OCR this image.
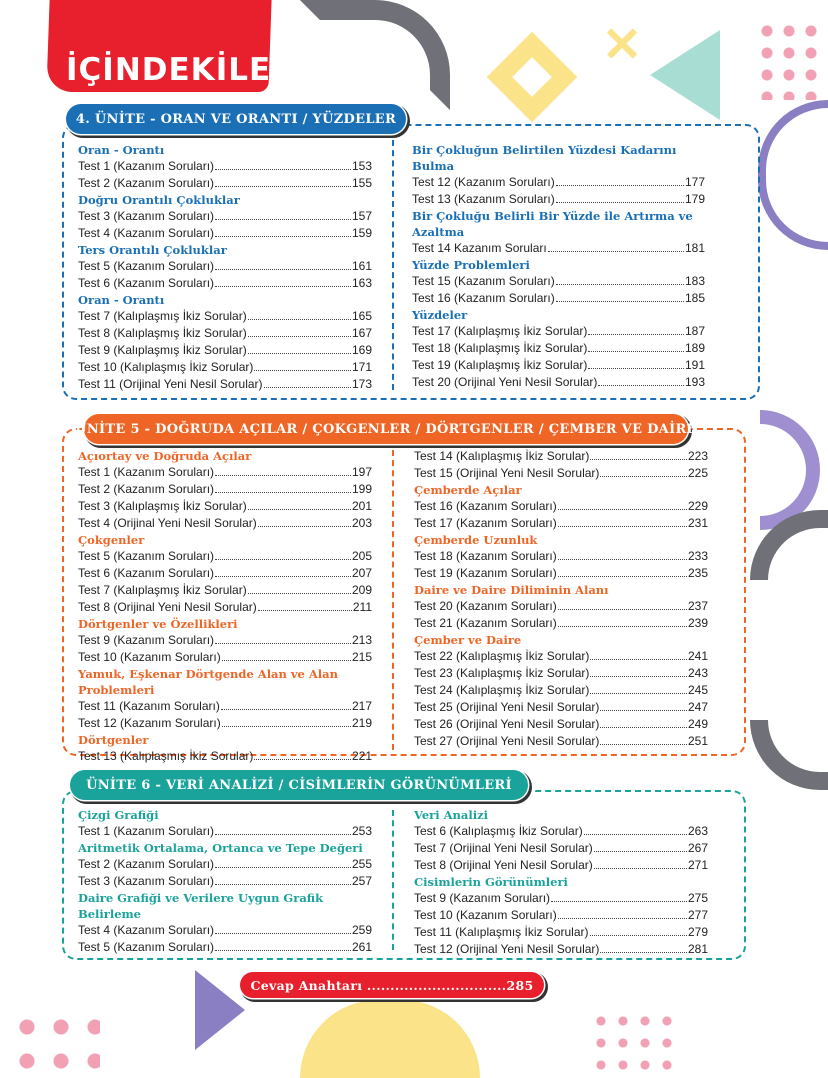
✕
İÇİNDEKİLER
4. ÜNİTE - ORAN VE ORANTI / YÜZDELER
Oran - Orantı
Test 1 (Kazanım Soruları)	153
Test 2 (Kazanım Soruları)	155
Doğru Orantılı Çokluklar
Test 3 (Kazanım Soruları)	157
Test 4 (Kazanım Soruları)	159
Ters Orantılı Çokluklar
Test 5 (Kazanım Soruları)	161
Test 6 (Kazanım Soruları)	163
Oran - Orantı
Test 7 (Kalıplaşmış İkiz Sorular)	165
Test 8 (Kalıplaşmış İkiz Sorular)	167
Test 9 (Kalıplaşmış İkiz Sorular)	169
Test 10 (Kalıplaşmış İkiz Sorular)	171
Test 11 (Orijinal Yeni Nesil Sorular)	173
Bir Çokluğun Belirtilen Yüzdesi Kadarını Bulma
Test 12 (Kazanım Soruları)	177
Test 13 (Kazanım Soruları)	179
Bir Çokluğu Belirli Bir Yüzde ile Artırma ve Azaltma
Test 14 Kazanım Soruları	181
Yüzde Problemleri
Test 15 (Kazanım Soruları)	183
Test 16 (Kazanım Soruları)	185
Yüzdeler
Test 17 (Kalıplaşmış İkiz Sorular)	187
Test 18 (Kalıplaşmış İkiz Sorular)	189
Test 19 (Kalıplaşmış İkiz Sorular)	191
Test 20 (Orijinal Yeni Nesil Sorular)	193
ÜNİTE 5 - DOĞRUDA AÇILAR / ÇOKGENLER / DÖRTGENLER / ÇEMBER VE DAİRE
Açıortay ve Doğruda Açılar
Test 1 (Kazanım Soruları)	197
Test 2 (Kazanım Soruları)	199
Test 3 (Kalıplaşmış İkiz Sorular)	201
Test 4 (Orijinal Yeni Nesil Sorular)	203
Çokgenler
Test 5 (Kazanım Soruları)	205
Test 6 (Kazanım Soruları)	207
Test 7 (Kalıplaşmış İkiz Sorular)	209
Test 8 (Orijinal Yeni Nesil Sorular)	211
Dörtgenler ve Özellikleri
Test 9 (Kazanım Soruları)	213
Test 10 (Kazanım Soruları)	215
Yamuk, Eşkenar Dörtgende Alan ve Alan Problemleri
Test 11 (Kazanım Soruları)	217
Test 12 (Kazanım Soruları)	219
Dörtgenler
Test 13 (Kalıplaşmış İkiz Sorular)	221
Test 14 (Kalıplaşmış İkiz Sorular)	223
Test 15 (Orijinal Yeni Nesil Sorular)	225
Çemberde Açılar
Test 16 (Kazanım Soruları)	229
Test 17 (Kazanım Soruları)	231
Çemberde Uzunluk
Test 18 (Kazanım Soruları)	233
Test 19 (Kazanım Soruları)	235
Daire ve Daire Diliminin Alanı
Test 20 (Kazanım Soruları)	237
Test 21 (Kazanım Soruları)	239
Çember ve Daire
Test 22 (Kalıplaşmış İkiz Sorular)	241
Test 23 (Kalıplaşmış İkiz Sorular)	243
Test 24 (Kalıplaşmış İkiz Sorular)	245
Test 25 (Orijinal Yeni Nesil Sorular)	247
Test 26 (Orijinal Yeni Nesil Sorular)	249
Test 27 (Orijinal Yeni Nesil Sorular)	251
ÜNİTE 6 - VERİ ANALİZİ / CİSİMLERİN GÖRÜNÜMLERİ
Çizgi Grafiği
Test 1 (Kazanım Soruları)	253
Aritmetik Ortalama, Ortanca ve Tepe Değeri
Test 2 (Kazanım Soruları)	255
Test 3 (Kazanım Soruları)	257
Daire Grafiği ve Verilere Uygun Grafik Belirleme
Test 4 (Kazanım Soruları)	259
Test 5 (Kazanım Soruları)	261
Veri Analizi
Test 6 (Kalıplaşmış İkiz Sorular)	263
Test 7 (Orijinal Yeni Nesil Sorular)	267
Test 8 (Orijinal Yeni Nesil Sorular)	271
Cisimlerin Görünümleri
Test 9 (Kazanım Soruları)	275
Test 10 (Kazanım Soruları)	277
Test 11 (Kalıplaşmış İkiz Sorular)	279
Test 12 (Orijinal Yeni Nesil Sorular)	281
Cevap Anahtarı .............................. 285
